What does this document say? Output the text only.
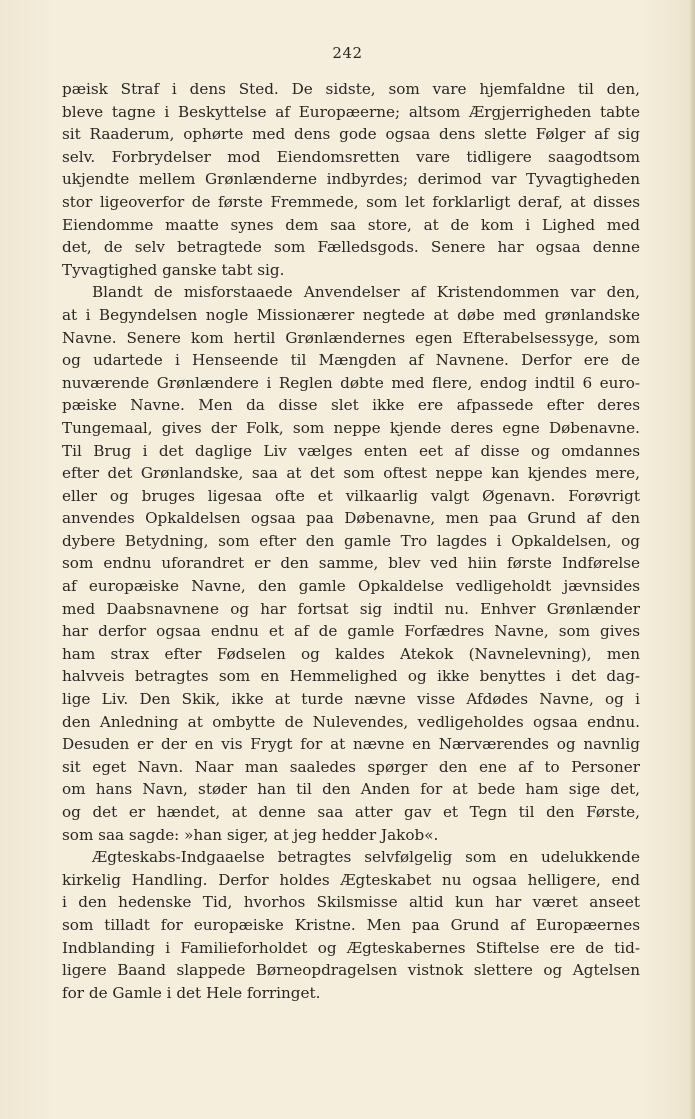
242
pæisk Straf i dens Sted. De sidste, som vare hjemfaldne til den,
bleve tagne i Beskyttelse af Europæerne; altsom Ærgjerrigheden tabte
sit Raaderum, ophørte med dens gode ogsaa dens slette Følger af sig
selv. Forbrydelser mod Eiendomsretten vare tidligere saagodtsom
ukjendte mellem Grønlænderne indbyrdes; derimod var Tyvagtigheden
stor ligeoverfor de første Fremmede, som let forklarligt deraf, at disses
Eiendomme maatte synes dem saa store, at de kom i Lighed med
det, de selv betragtede som Fælledsgods. Senere har ogsaa denne
Tyvagtighed ganske tabt sig.
Blandt de misforstaaede Anvendelser af Kristendommen var den,
at i Begyndelsen nogle Missionærer negtede at døbe med grønlandske
Navne. Senere kom hertil Grønlændernes egen Efterabelsessyge, som
og udartede i Henseende til Mængden af Navnene. Derfor ere de
nuværende Grønlændere i Reglen døbte med flere, endog indtil 6 euro-
pæiske Navne. Men da disse slet ikke ere afpassede efter deres
Tungemaal, gives der Folk, som neppe kjende deres egne Døbenavne.
Til Brug i det daglige Liv vælges enten eet af disse og omdannes
efter det Grønlandske, saa at det som oftest neppe kan kjendes mere,
eller og bruges ligesaa ofte et vilkaarlig valgt Øgenavn. Forøvrigt
anvendes Opkaldelsen ogsaa paa Døbenavne, men paa Grund af den
dybere Betydning, som efter den gamle Tro lagdes i Opkaldelsen, og
som endnu uforandret er den samme, blev ved hiin første Indførelse
af europæiske Navne, den gamle Opkaldelse vedligeholdt jævnsides
med Daabsnavnene og har fortsat sig indtil nu. Enhver Grønlænder
har derfor ogsaa endnu et af de gamle Forfædres Navne, som gives
ham strax efter Fødselen og kaldes Atekok (Navnelevning), men
halvveis betragtes som en Hemmelighed og ikke benyttes i det dag-
lige Liv. Den Skik, ikke at turde nævne visse Afdødes Navne, og i
den Anledning at ombytte de Nulevendes, vedligeholdes ogsaa endnu.
Desuden er der en vis Frygt for at nævne en Nærværendes og navnlig
sit eget Navn. Naar man saaledes spørger den ene af to Personer
om hans Navn, støder han til den Anden for at bede ham sige det,
og det er hændet, at denne saa atter gav et Tegn til den Første,
som saa sagde: »han siger, at jeg hedder Jakob«.
Ægteskabs-Indgaaelse betragtes selvfølgelig som en udelukkende
kirkelig Handling. Derfor holdes Ægteskabet nu ogsaa helligere, end
i den hedenske Tid, hvorhos Skilsmisse altid kun har været anseet
som tilladt for europæiske Kristne. Men paa Grund af Europæernes
Indblanding i Familieforholdet og Ægteskabernes Stiftelse ere de tid-
ligere Baand slappede Børneopdragelsen vistnok slettere og Agtelsen
for de Gamle i det Hele forringet.
